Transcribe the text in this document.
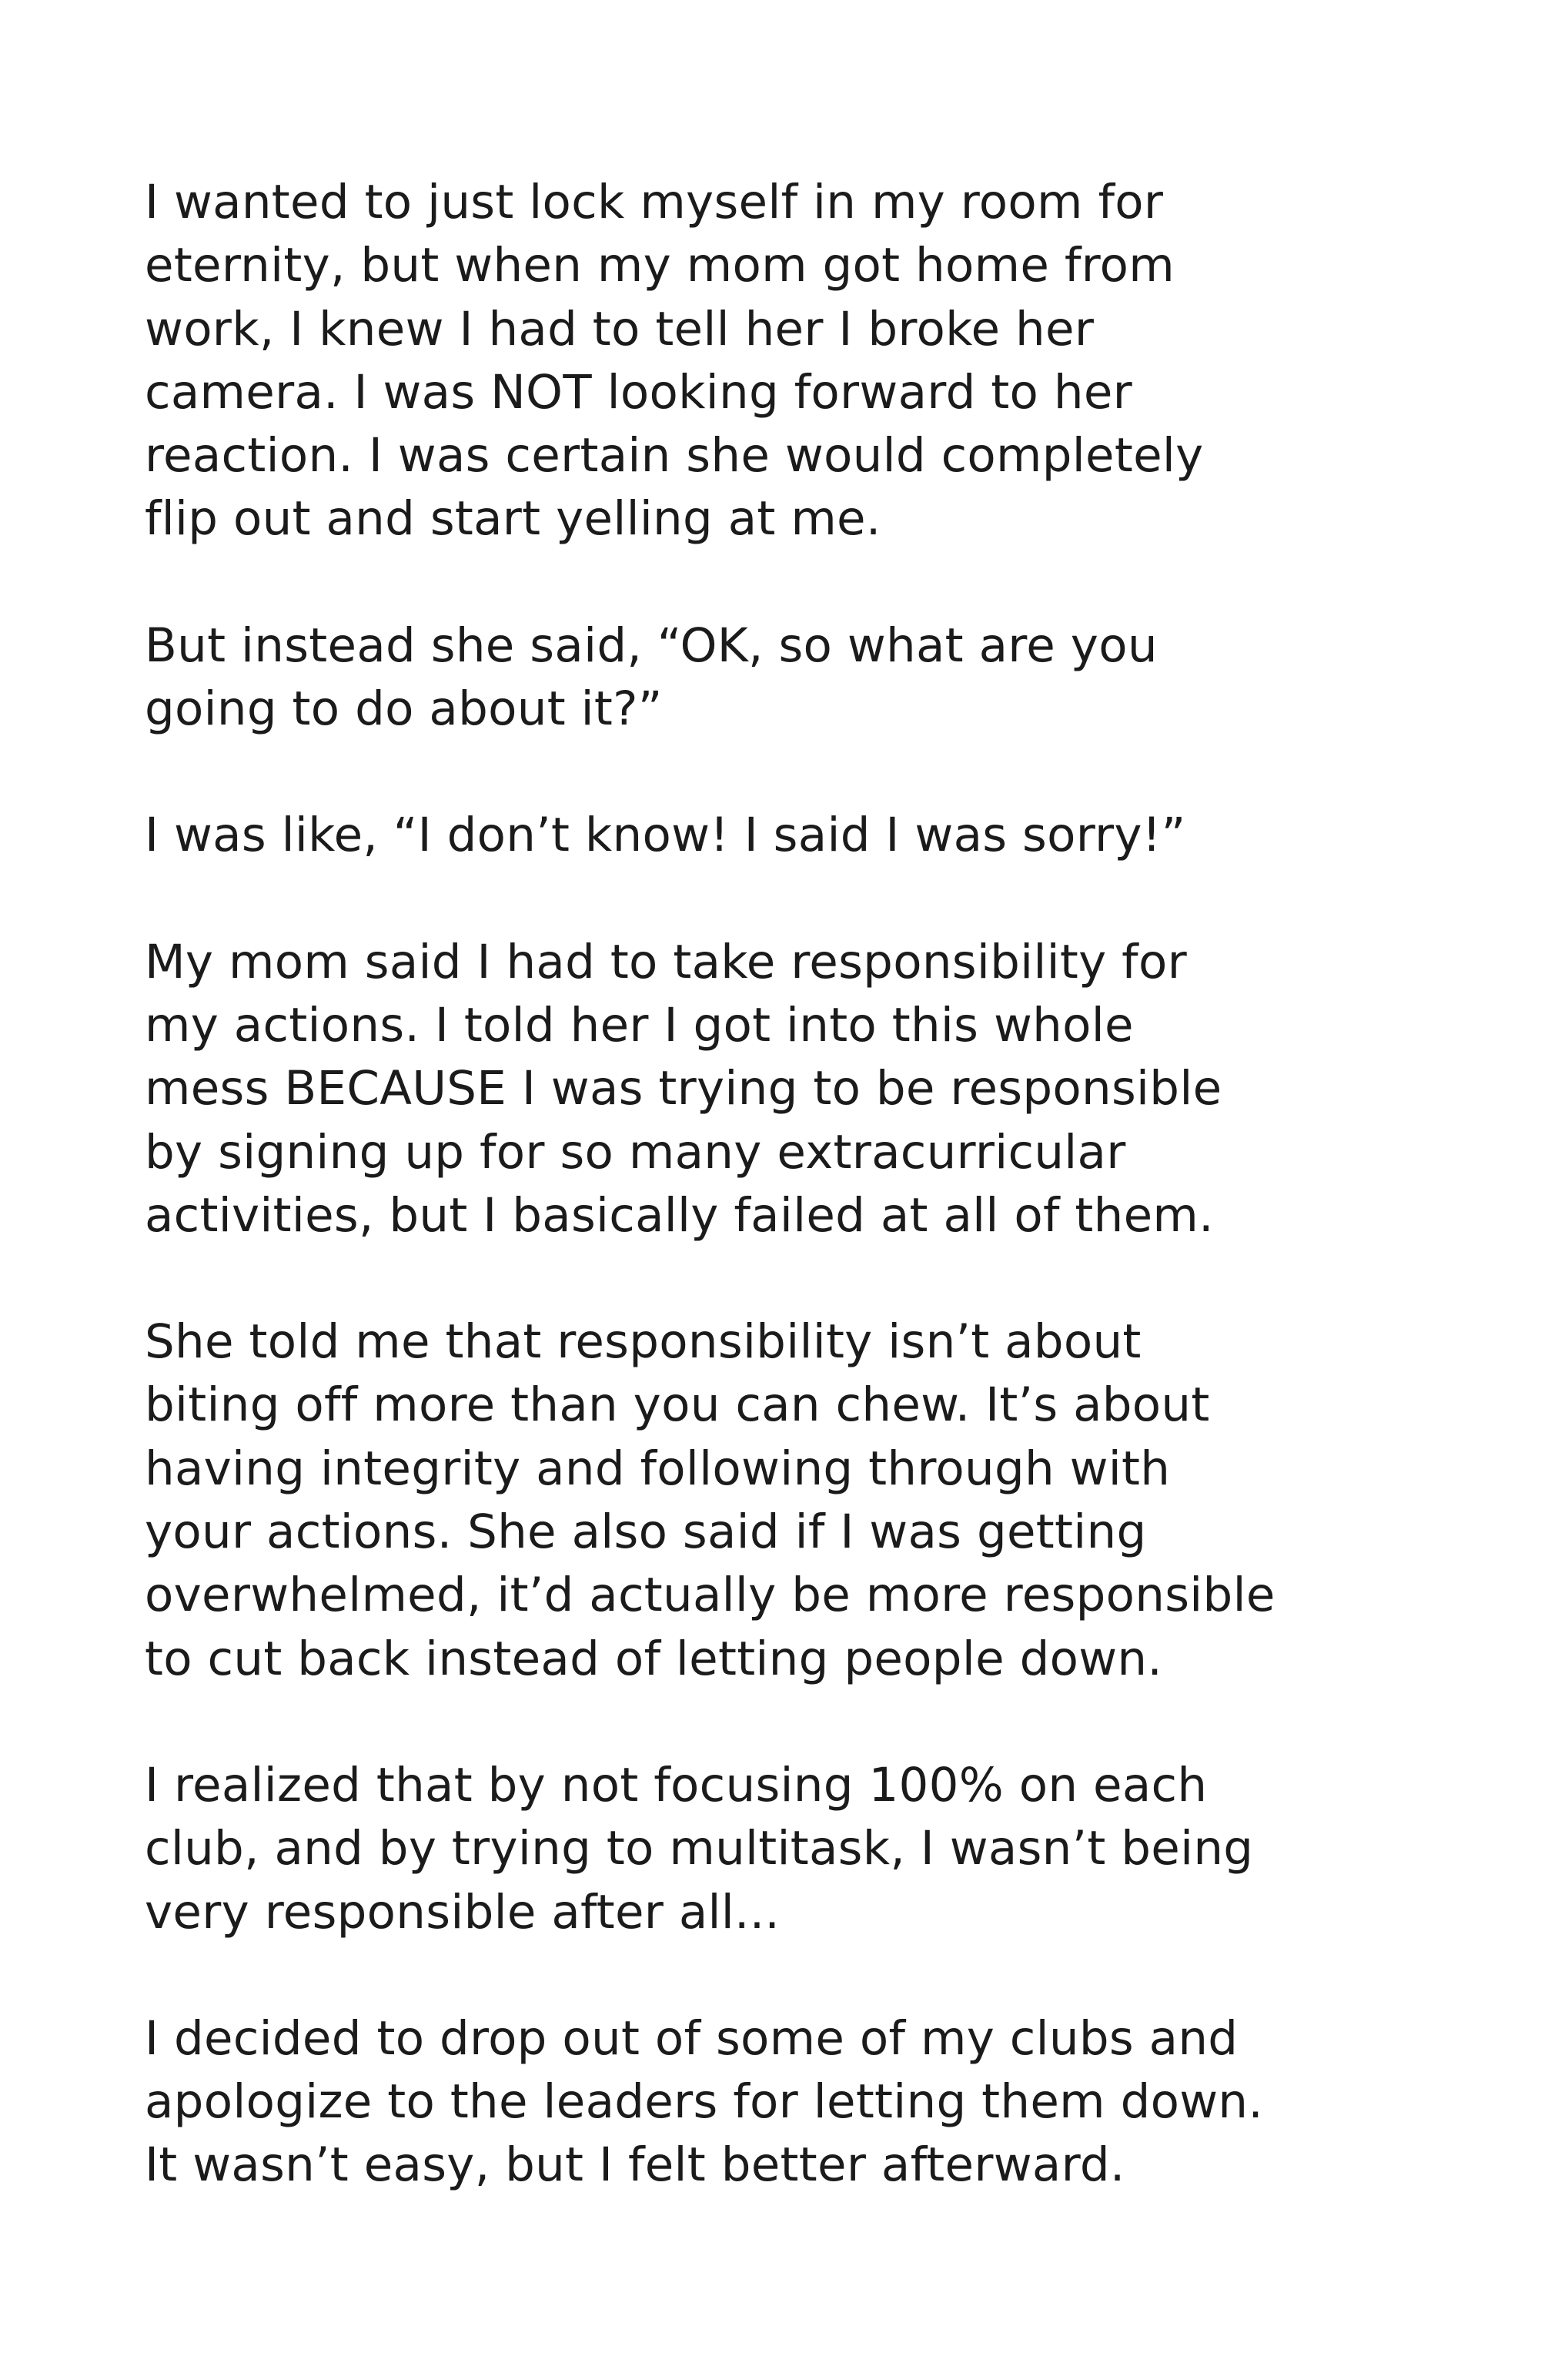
I wanted to just lock myself in my room for
eternity, but when my mom got home from
work, I knew I had to tell her I broke her
camera. I was NOT looking forward to her
reaction. I was certain she would completely
flip out and start yelling at me.
But instead she said, “OK, so what are you
going to do about it?”
I was like, “I don’t know! I said I was sorry!”
My mom said I had to take responsibility for
my actions. I told her I got into this whole
mess BECAUSE I was trying to be responsible
by signing up for so many extracurricular
activities, but I basically failed at all of them.
She told me that responsibility isn’t about
biting off more than you can chew. It’s about
having integrity and following through with
your actions. She also said if I was getting
overwhelmed, it’d actually be more responsible
to cut back instead of letting people down.
I realized that by not focusing 100% on each
club, and by trying to multitask, I wasn’t being
very responsible after all...
I decided to drop out of some of my clubs and
apologize to the leaders for letting them down.
It wasn’t easy, but I felt better afterward.
